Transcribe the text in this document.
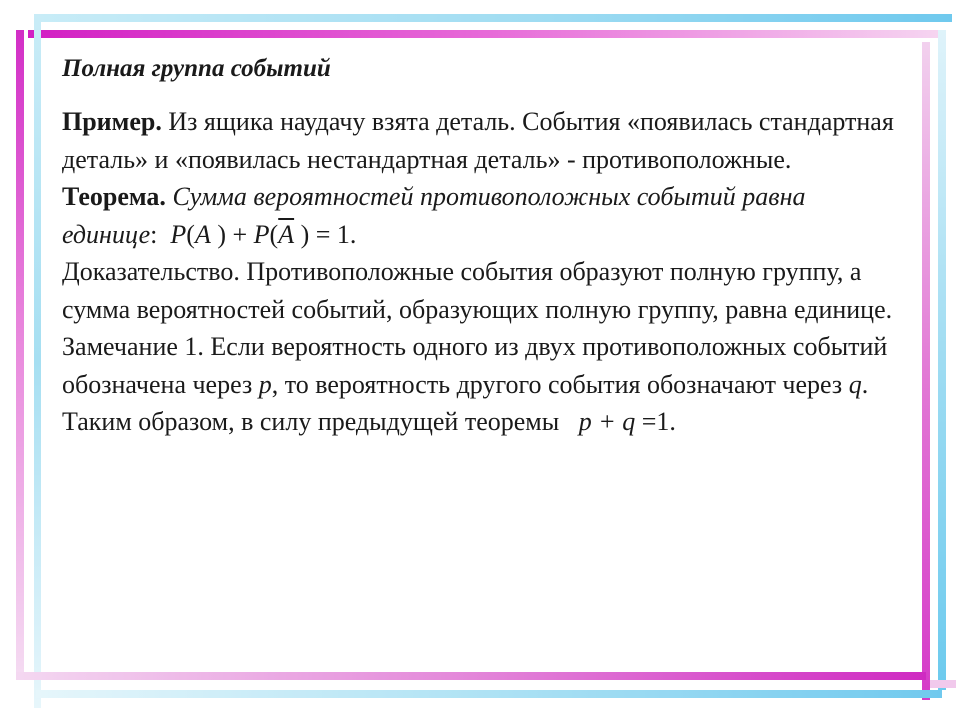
Полная группа событий

Пример. Из ящика наудачу взята деталь. События «появилась стандартная деталь» и «появилась нестандартная деталь» - противоположные.

Теорема. Сумма вероятностей противоположных событий равна единице: P(A ) + $P(\overline{A}$ ) = 1.

Доказательство. Противоположные события образуют полную группу, а сумма вероятностей событий, образующих полную группу, равна единице.

Замечание 1. Если вероятность одного из двух противоположных событий обозначена через p, то вероятность другого события обозначают через q. Таким образом, в силу предыдущей теоремы   p + q =1.
